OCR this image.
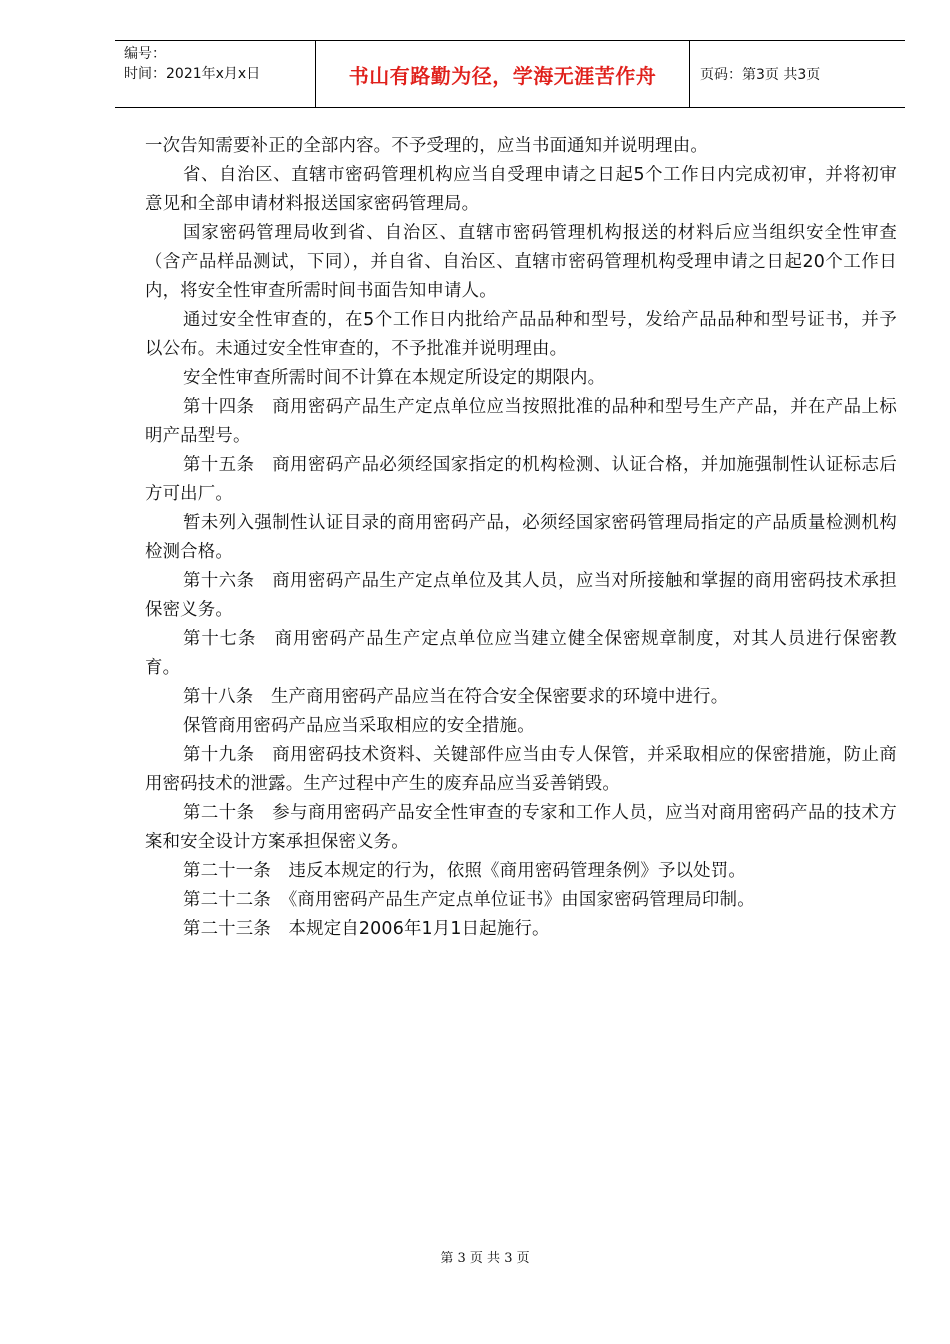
编号：
时间：2021年x月x日	书山有路勤为径，学海无涯苦作舟	页码：第3页 共3页

一次告知需要补正的全部内容。不予受理的，应当书面通知并说明理由。

省、自治区、直辖市密码管理机构应当自受理申请之日起5个工作日内完成初审，并将初审意见和全部申请材料报送国家密码管理局。

国家密码管理局收到省、自治区、直辖市密码管理机构报送的材料后应当组织安全性审查（含产品样品测试，下同），并自省、自治区、直辖市密码管理机构受理申请之日起20个工作日内，将安全性审查所需时间书面告知申请人。

通过安全性审查的，在5个工作日内批给产品品种和型号，发给产品品种和型号证书，并予以公布。未通过安全性审查的，不予批准并说明理由。

安全性审查所需时间不计算在本规定所设定的期限内。

第十四条　商用密码产品生产定点单位应当按照批准的品种和型号生产产品，并在产品上标明产品型号。

第十五条　商用密码产品必须经国家指定的机构检测、认证合格，并加施强制性认证标志后方可出厂。

暂未列入强制性认证目录的商用密码产品，必须经国家密码管理局指定的产品质量检测机构检测合格。

第十六条　商用密码产品生产定点单位及其人员，应当对所接触和掌握的商用密码技术承担保密义务。

第十七条　商用密码产品生产定点单位应当建立健全保密规章制度，对其人员进行保密教育。

第十八条　生产商用密码产品应当在符合安全保密要求的环境中进行。

保管商用密码产品应当采取相应的安全措施。

第十九条　商用密码技术资料、关键部件应当由专人保管，并采取相应的保密措施，防止商用密码技术的泄露。生产过程中产生的废弃品应当妥善销毁。

第二十条　参与商用密码产品安全性审查的专家和工作人员，应当对商用密码产品的技术方案和安全设计方案承担保密义务。

第二十一条　违反本规定的行为，依照《商用密码管理条例》予以处罚。

第二十二条　《商用密码产品生产定点单位证书》由国家密码管理局印制。

第二十三条　本规定自2006年1月1日起施行。

第 3 页 共 3 页
